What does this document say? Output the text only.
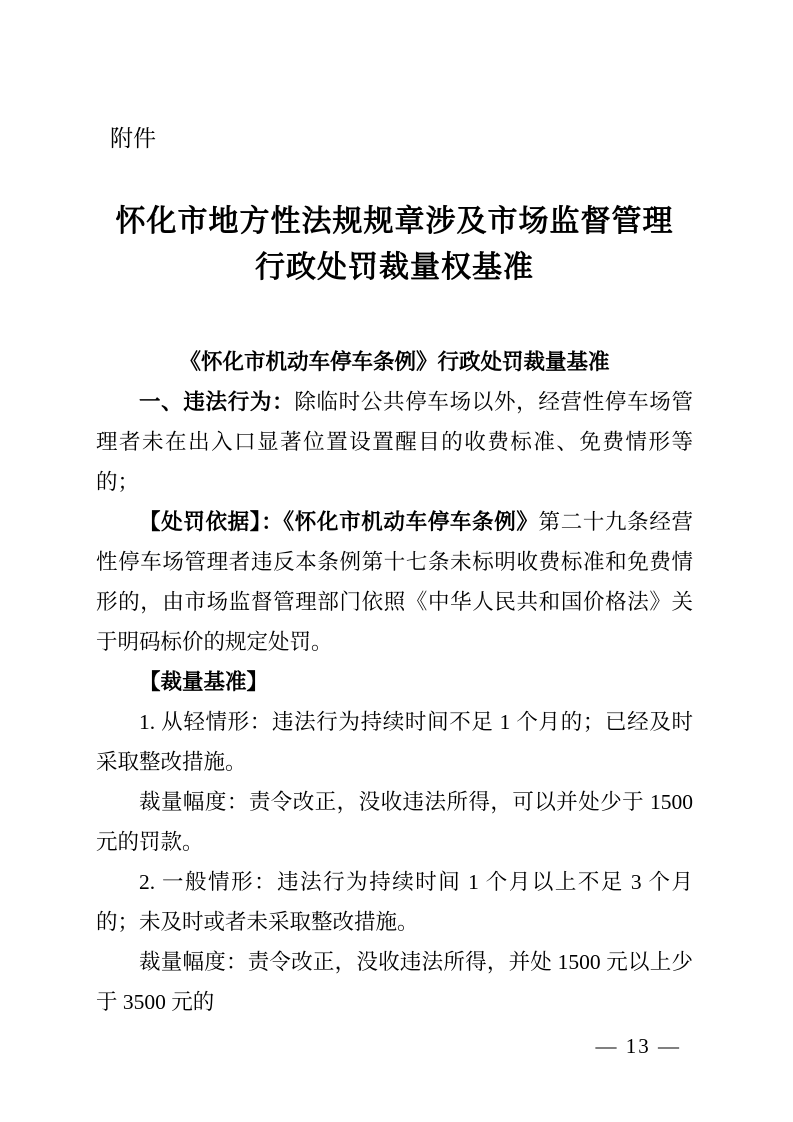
附件
怀化市地方性法规规章涉及市场监督管理
行政处罚裁量权基准
《怀化市机动车停车条例》行政处罚裁量基准

一、违法行为：除临时公共停车场以外，经营性停车场管理者未在出入口显著位置设置醒目的收费标准、免费情形等的；

【处罚依据】：《怀化市机动车停车条例》第二十九条经营性停车场管理者违反本条例第十七条未标明收费标准和免费情形的，由市场监督管理部门依照《中华人民共和国价格法》关于明码标价的规定处罚。

【裁量基准】

1. 从轻情形：违法行为持续时间不足 1 个月的；已经及时采取整改措施。

裁量幅度：责令改正，没收违法所得，可以并处少于 1500 元的罚款。

2. 一般情形：违法行为持续时间 1 个月以上不足 3 个月的；未及时或者未采取整改措施。

裁量幅度：责令改正，没收违法所得，并处 1500 元以上少于 3500 元的

— 13 —
